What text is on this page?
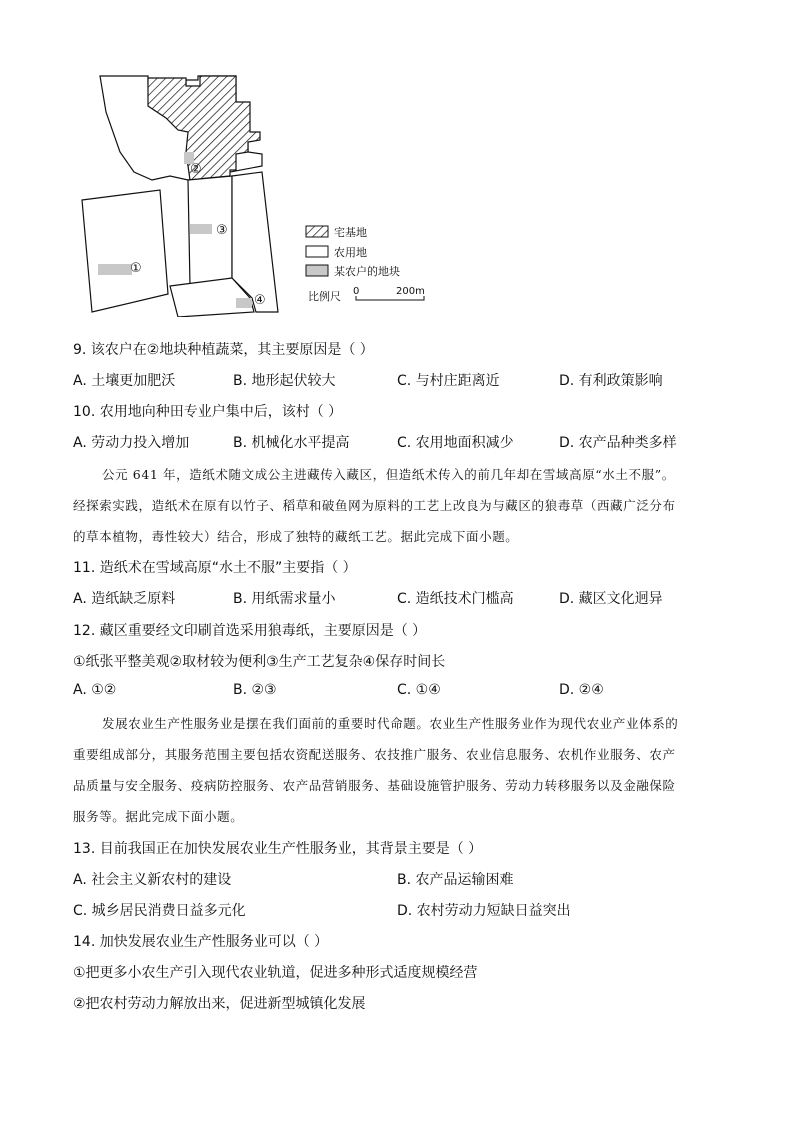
①
②
③
④
宅基地
农用地
某农户的地块
比例尺 0	200m
9. 该农户在②地块种植蔬菜，其主要原因是（ ）
A. 土壤更加肥沃	B. 地形起伏较大	C. 与村庄距离近	D. 有利政策影响
10. 农用地向种田专业户集中后，该村（ ）
A. 劳动力投入增加	B. 机械化水平提高	C. 农用地面积减少	D. 农产品种类多样
公元 641 年，造纸术随文成公主进藏传入藏区，但造纸术传入的前几年却在雪域高原“水土不服”。
经探索实践，造纸术在原有以竹子、稻草和破鱼网为原料的工艺上改良为与藏区的狼毒草（西藏广泛分布
的草本植物，毒性较大）结合，形成了独特的藏纸工艺。据此完成下面小题。
11. 造纸术在雪域高原“水土不服”主要指（ ）
A. 造纸缺乏原料	B. 用纸需求量小	C. 造纸技术门槛高	D. 藏区文化迥异
12. 藏区重要经文印刷首选采用狼毒纸，主要原因是（ ）
①纸张平整美观②取材较为便利③生产工艺复杂④保存时间长
A. ①②	B. ②③	C. ①④	D. ②④
发展农业生产性服务业是摆在我们面前的重要时代命题。农业生产性服务业作为现代农业产业体系的
重要组成部分，其服务范围主要包括农资配送服务、农技推广服务、农业信息服务、农机作业服务、农产
品质量与安全服务、疫病防控服务、农产品营销服务、基础设施管护服务、劳动力转移服务以及金融保险
服务等。据此完成下面小题。
13. 目前我国正在加快发展农业生产性服务业，其背景主要是（ ）
A. 社会主义新农村的建设	B. 农产品运输困难
C. 城乡居民消费日益多元化	D. 农村劳动力短缺日益突出
14. 加快发展农业生产性服务业可以（ ）
①把更多小农生产引入现代农业轨道，促进多种形式适度规模经营
②把农村劳动力解放出来，促进新型城镇化发展
